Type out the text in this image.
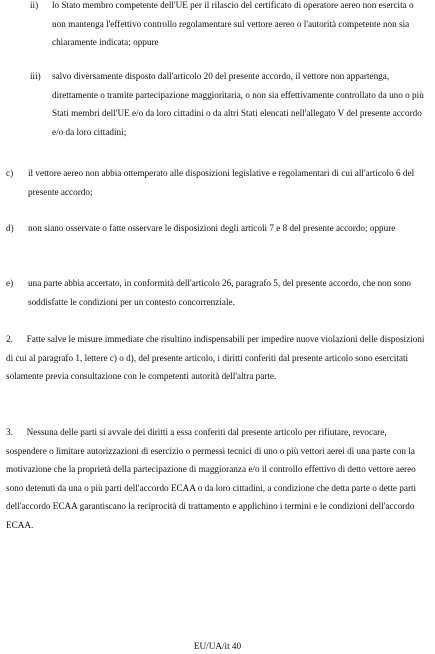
ii) lo Stato membro competente dell'UE per il rilascio del certificato di operatore aereo non esercita o non mantenga l'effettivo controllo regolamentare sul vettore aereo o l'autorità competente non sia chiaramente indicata; oppure
iii) salvo diversamente disposto dall'articolo 20 del presente accordo, il vettore non appartenga, direttamente o tramite partecipazione maggioritaria, o non sia effettivamente controllato da uno o più Stati membri dell'UE e/o da loro cittadini o da altri Stati elencati nell'allegato V del presente accordo e/o da loro cittadini;
c) il vettore aereo non abbia ottemperato alle disposizioni legislative e regolamentari di cui all'articolo 6 del presente accordo;
d) non siano osservate o fatte osservare le disposizioni degli articoli 7 e 8 del presente accordo; oppure
e) una parte abbia accertato, in conformità dell'articolo 26, paragrafo 5, del presente accordo, che non sono soddisfatte le condizioni per un contesto concorrenziale.
2.      Fatte salve le misure immediate che risultino indispensabili per impedire nuove violazioni delle disposizioni di cui al paragrafo 1, lettere c) o d), del presente articolo, i diritti conferiti dal presente articolo sono esercitati solamente previa consultazione con le competenti autorità dell'altra parte.
3.      Nessuna delle parti si avvale dei diritti a essa conferiti dal presente articolo per rifiutare, revocare, sospendere o limitare autorizzazioni di esercizio o permessi tecnici di uno o più vettori aerei di una parte con la motivazione che la proprietà della partecipazione di maggioranza e/o il controllo effettivo di detto vettore aereo sono detenuti da una o più parti dell'accordo ECAA o da loro cittadini, a condizione che detta parte o dette parti dell'accordo ECAA garantiscano la reciprocità di trattamento e applichino i termini e le condizioni dell'accordo ECAA.
EU/UA/it 40
